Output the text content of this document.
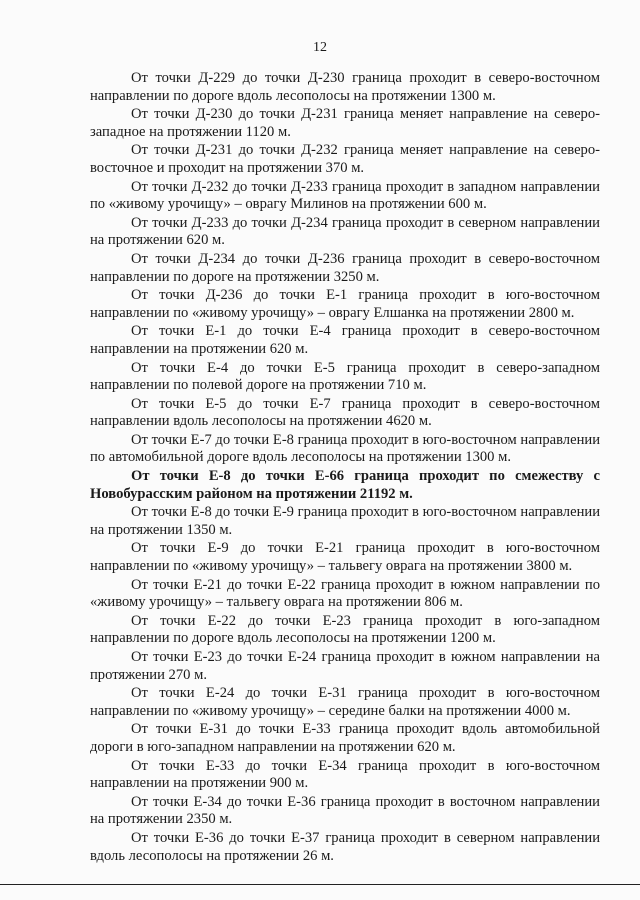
12

От точки Д-229 до точки Д-230 граница проходит в северо-восточном направлении по дороге вдоль лесополосы на протяжении 1300 м.

От точки Д-230 до точки Д-231 граница меняет направление на северо-западное на протяжении 1120 м.

От точки Д-231 до точки Д-232 граница меняет направление на северо-восточное и проходит на протяжении 370 м.

От точки Д-232 до точки Д-233 граница проходит в западном направлении по «живому урочищу» – оврагу Милинов на протяжении 600 м.

От точки Д-233 до точки Д-234 граница проходит в северном направлении на протяжении 620 м.

От точки Д-234 до точки Д-236 граница проходит в северо-восточном направлении по дороге на протяжении 3250 м.

От точки Д-236 до точки Е-1 граница проходит в юго-восточном направлении по «живому урочищу» – оврагу Елшанка на протяжении 2800 м.

От точки Е-1 до точки Е-4 граница проходит в северо-восточном направлении на протяжении 620 м.

От точки Е-4 до точки Е-5 граница проходит в северо-западном направлении по полевой дороге на протяжении 710 м.

От точки Е-5 до точки Е-7 граница проходит в северо-восточном направлении вдоль лесополосы на протяжении 4620 м.

От точки Е-7 до точки Е-8 граница проходит в юго-восточном направлении по автомобильной дороге вдоль лесополосы на протяжении 1300 м.

От точки Е-8 до точки Е-66 граница проходит по смежеству с Новобурасским районом на протяжении 21192 м.

От точки Е-8 до точки Е-9 граница проходит в юго-восточном направлении на протяжении 1350 м.

От точки Е-9 до точки Е-21 граница проходит в юго-восточном направлении по «живому урочищу» – тальвегу оврага на протяжении 3800 м.

От точки Е-21 до точки Е-22 граница проходит в южном направлении по «живому урочищу» – тальвегу оврага на протяжении 806 м.

От точки Е-22 до точки Е-23 граница проходит в юго-западном направлении по дороге вдоль лесополосы на протяжении 1200 м.

От точки Е-23 до точки Е-24 граница проходит в южном направлении на протяжении 270 м.

От точки Е-24 до точки Е-31 граница проходит в юго-восточном направлении по «живому урочищу» – середине балки на протяжении 4000 м.

От точки Е-31 до точки Е-33 граница проходит вдоль автомобильной дороги в юго-западном направлении на протяжении 620 м.

От точки Е-33 до точки Е-34 граница проходит в юго-восточном направлении на протяжении 900 м.

От точки Е-34 до точки Е-36 граница проходит в восточном направлении на протяжении 2350 м.

От точки Е-36 до точки Е-37 граница проходит в северном направлении вдоль лесополосы на протяжении 26 м.
